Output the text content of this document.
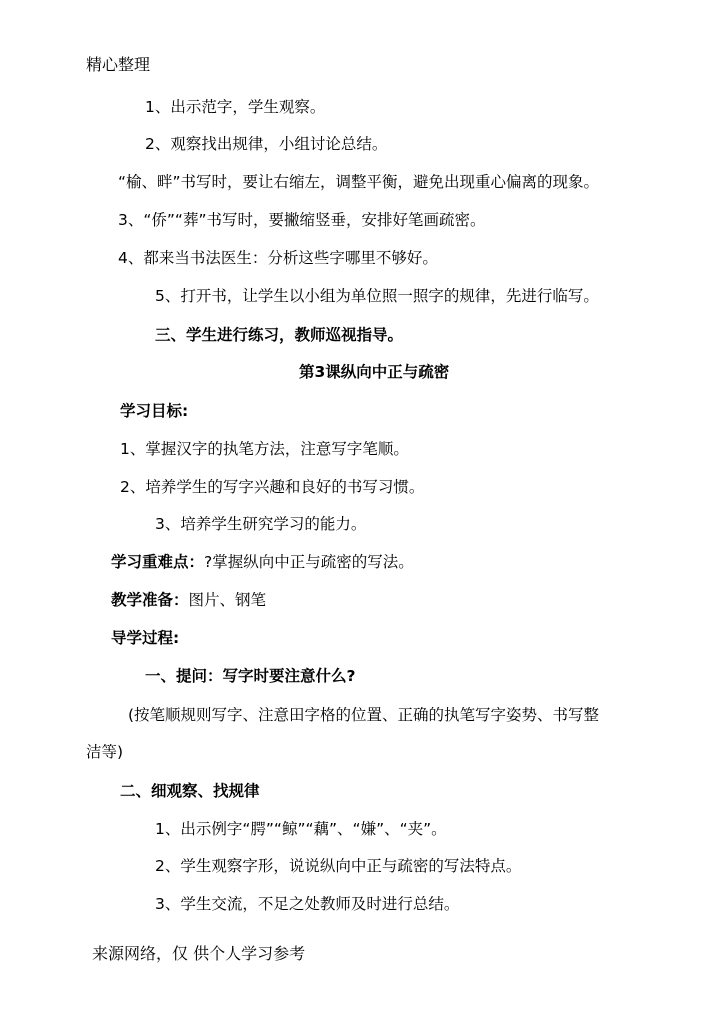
精心整理
1、出示范字，学生观察。
2、观察找出规律，小组讨论总结。
“榆、畔”书写时，要让右缩左，调整平衡，避免出现重心偏离的现象。
3、“侨”“葬”书写时，要撇缩竖垂，安排好笔画疏密。
4、都来当书法医生：分析这些字哪里不够好。
5、打开书，让学生以小组为单位照一照字的规律，先进行临写。
三、学生进行练习，教师巡视指导。
第3课纵向中正与疏密
学习目标:
1、掌握汉字的执笔方法，注意写字笔顺。
2、培养学生的写字兴趣和良好的书写习惯。
3、培养学生研究学习的能力。
学习重难点：?掌握纵向中正与疏密的写法。
教学准备：图片、钢笔
导学过程:
一、提问：写字时要注意什么?
(按笔顺规则写字、注意田字格的位置、正确的执笔写字姿势、书写整
洁等)
二、细观察、找规律
1、出示例字“腭”“鲸”“藕”、“嫌”、“夹”。
2、学生观察字形，说说纵向中正与疏密的写法特点。
3、学生交流，不足之处教师及时进行总结。
来源网络，仅 供个人学习参考
